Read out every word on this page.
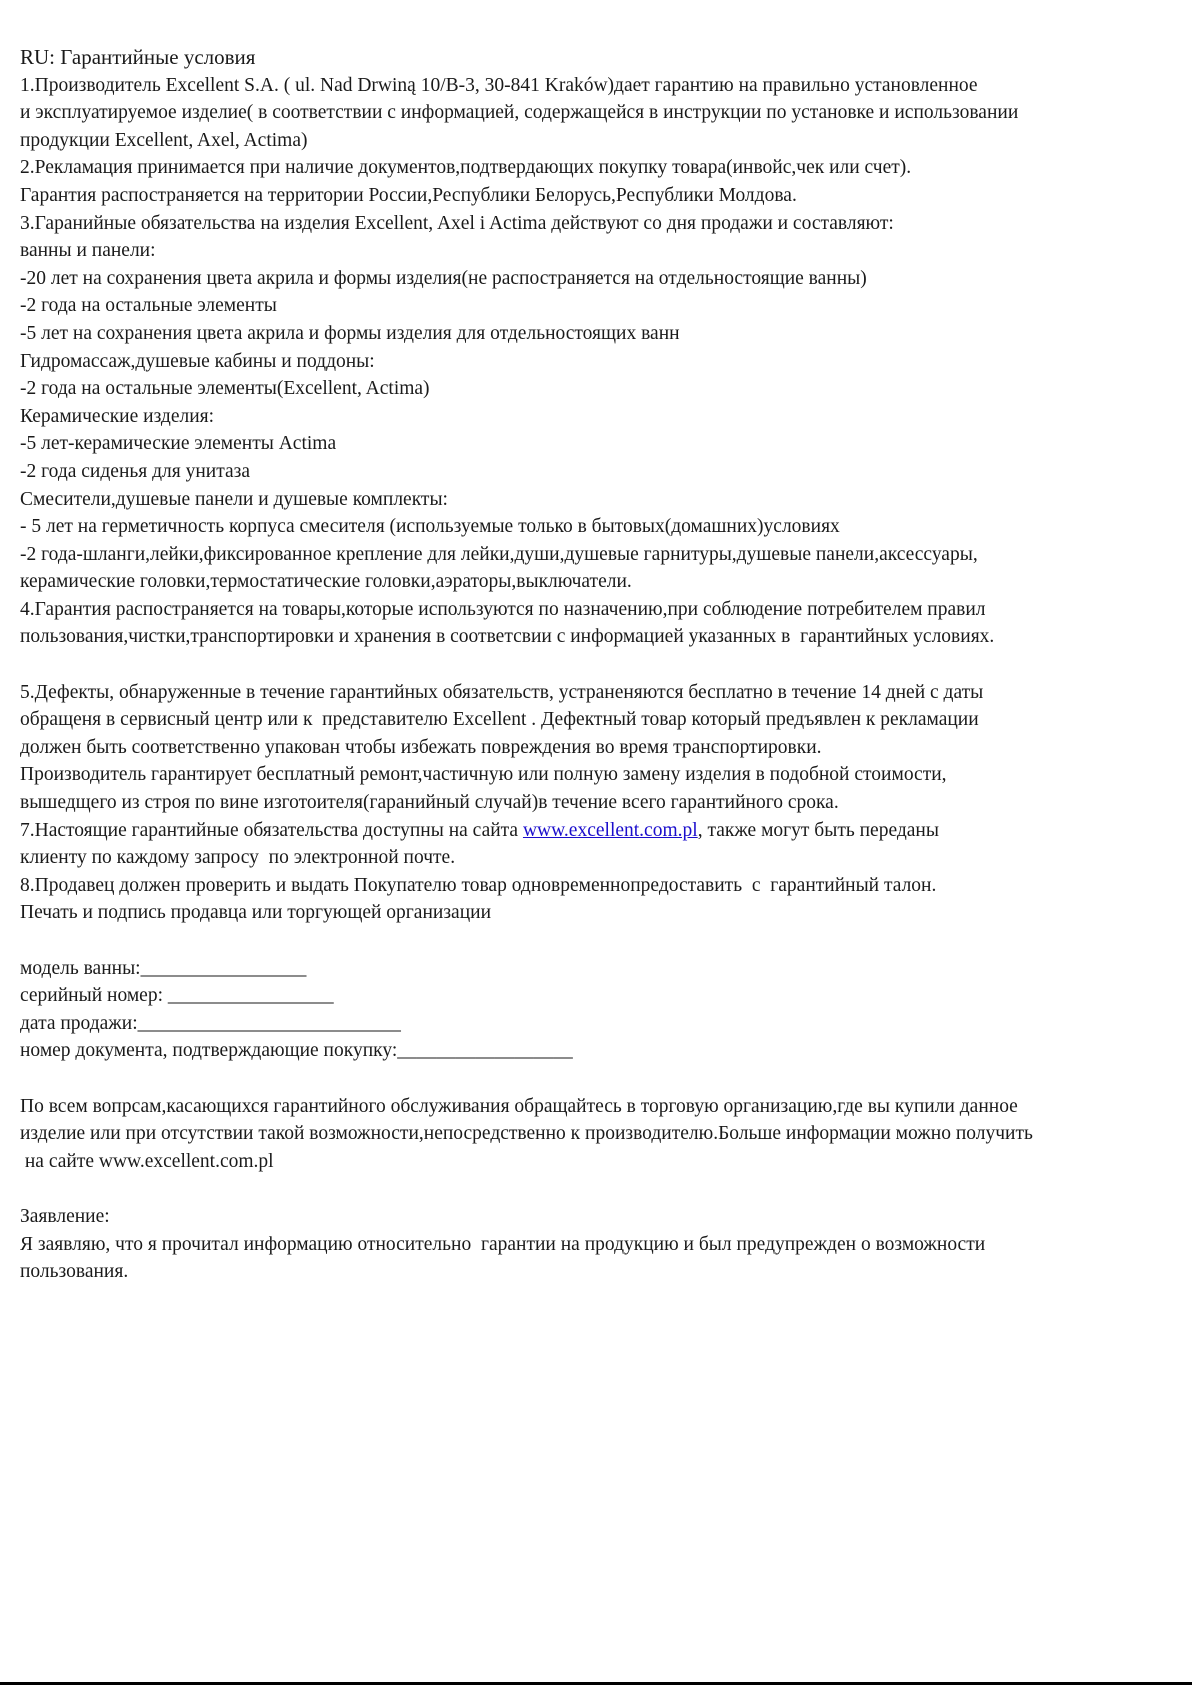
RU: Гарантийные условия
1.Производитель Excellent S.A. ( ul. Nad Drwiną 10/B-3, 30-841 Kraków)дает гарантию на правильно установленное
и эксплуатируемое изделие( в соответствии с информацией, содержащейся в инструкции по установке и использовании
продукции Excellent, Axel, Actima)
2.Рекламация принимается при наличие документов,подтвердающих покупку товара(инвойс,чек или счет).
Гарантия распостраняется на территории России,Республики Белорусь,Республики Молдова.
3.Гаранийные обязательства на изделия Excellent, Axel i Actima действуют со дня продажи и составляют:
ванны и панели:
-20 лет на сохранения цвета акрила и формы изделия(не распостраняется на отдельностоящие ванны)
-2 года на остальные элементы
-5 лет на сохранения цвета акрила и формы изделия для отдельностоящих ванн
Гидромассаж,душевые кабины и поддоны:
-2 года на остальные элементы(Excellent, Actima)
Керамические изделия:
-5 лет-керамические элементы Actima
-2 года сиденья для унитаза
Смесители,душевые панели и душевые комплекты:
- 5 лет на герметичность корпуса смесителя (используемые только в бытовых(домашних)условиях
-2 года-шланги,лейки,фиксированное крепление для лейки,души,душевые гарнитуры,душевые панели,аксессуары,
керамические головки,термостатические головки,аэраторы,выключатели.
4.Гарантия распостраняется на товары,которые используются по назначению,при соблюдение потребителем правил
пользования,чистки,транспортировки и хранения в соответсвии с информацией указанных в  гарантийных условиях.
5.Дефекты, обнаруженные в течение гарантийных обязательств, устраненяются бесплатно в течение 14 дней с даты
обращеня в сервисный центр или к  представителю Excellent . Дефектный товар который предъявлен к рекламации
должен быть соответственно упакован чтобы избежать повреждения во время транспортировки.
Производитель гарантирует бесплатный ремонт,частичную или полную замену изделия в подобной стоимости,
вышедщего из строя по вине изготоителя(гаранийный случай)в течение всего гарантийного срока.
7.Настоящие гарантийные обязательства доступны на сайта www.excellent.com.pl, также могут быть переданы
клиенту по каждому запросу  по электронной почте.
8.Продавец должен проверить и выдать Покупателю товар одновременнопредоставить  с  гарантийный талон.
Печать и подпись продавца или торгующей организации
модель ванны:_________________
серийный номер: _________________
дата продажи:___________________________
номер документа, подтверждающие покупку:__________________
По всем вопрсам,касающихся гарантийного обслуживания обращайтесь в торговую организацию,где вы купили данное
изделие или при отсутствии такой возможности,непосредственно к производителю.Больше информации можно получить
на сайте www.excellent.com.pl
Заявление:
Я заявляю, что я прочитал информацию относительно  гарантии на продукцию и был предупрежден о возможности
пользования.
